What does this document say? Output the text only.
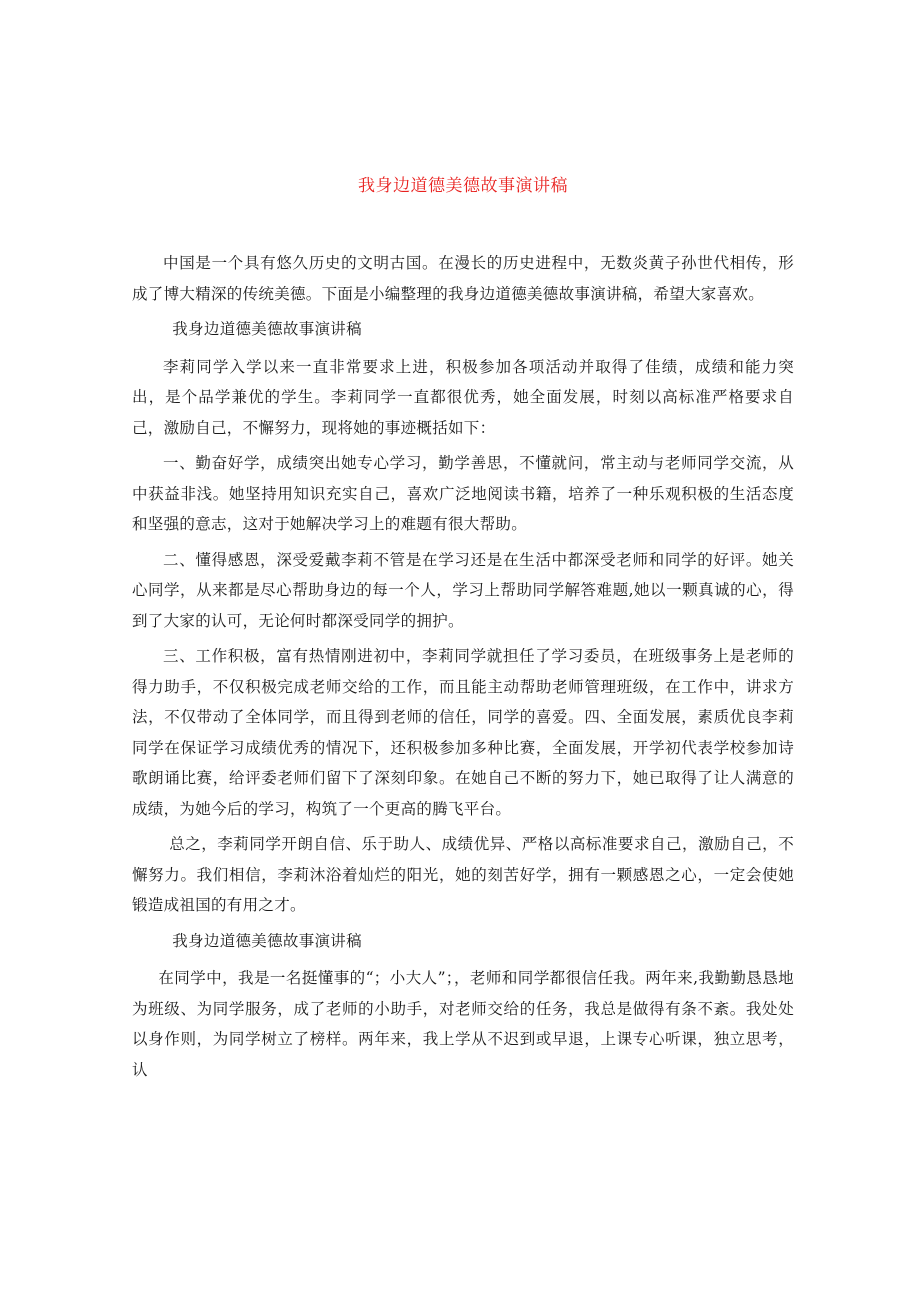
我身边道德美德故事演讲稿

中国是一个具有悠久历史的文明古国。在漫长的历史进程中，无数炎黄子孙世代相传，形成了博大精深的传统美德。下面是小编整理的我身边道德美德故事演讲稿，希望大家喜欢。

我身边道德美德故事演讲稿

李莉同学入学以来一直非常要求上进，积极参加各项活动并取得了佳绩，成绩和能力突出，是个品学兼优的学生。李莉同学一直都很优秀，她全面发展，时刻以高标准严格要求自己，激励自己，不懈努力，现将她的事迹概括如下：

一、勤奋好学，成绩突出她专心学习，勤学善思，不懂就问，常主动与老师同学交流，从中获益非浅。她坚持用知识充实自己，喜欢广泛地阅读书籍，培养了一种乐观积极的生活态度和坚强的意志，这对于她解决学习上的难题有很大帮助。

二、懂得感恩，深受爱戴李莉不管是在学习还是在生活中都深受老师和同学的好评。她关心同学，从来都是尽心帮助身边的每一个人，学习上帮助同学解答难题,她以一颗真诚的心，得到了大家的认可，无论何时都深受同学的拥护。

三、工作积极，富有热情刚进初中，李莉同学就担任了学习委员，在班级事务上是老师的得力助手，不仅积极完成老师交给的工作，而且能主动帮助老师管理班级，在工作中，讲求方法，不仅带动了全体同学，而且得到老师的信任，同学的喜爱。四、全面发展，素质优良李莉同学在保证学习成绩优秀的情况下，还积极参加多种比赛，全面发展，开学初代表学校参加诗歌朗诵比赛，给评委老师们留下了深刻印象。在她自己不断的努力下，她已取得了让人满意的成绩，为她今后的学习，构筑了一个更高的腾飞平台。

总之，李莉同学开朗自信、乐于助人、成绩优异、严格以高标准要求自己，激励自己，不懈努力。我们相信，李莉沐浴着灿烂的阳光，她的刻苦好学，拥有一颗感恩之心，一定会使她锻造成祖国的有用之才。

我身边道德美德故事演讲稿

在同学中，我是一名挺懂事的“；小大人”；，老师和同学都很信任我。两年来,我勤勤恳恳地为班级、为同学服务，成了老师的小助手，对老师交给的任务，我总是做得有条不紊。我处处以身作则，为同学树立了榜样。两年来，我上学从不迟到或早退，上课专心听课，独立思考，认
